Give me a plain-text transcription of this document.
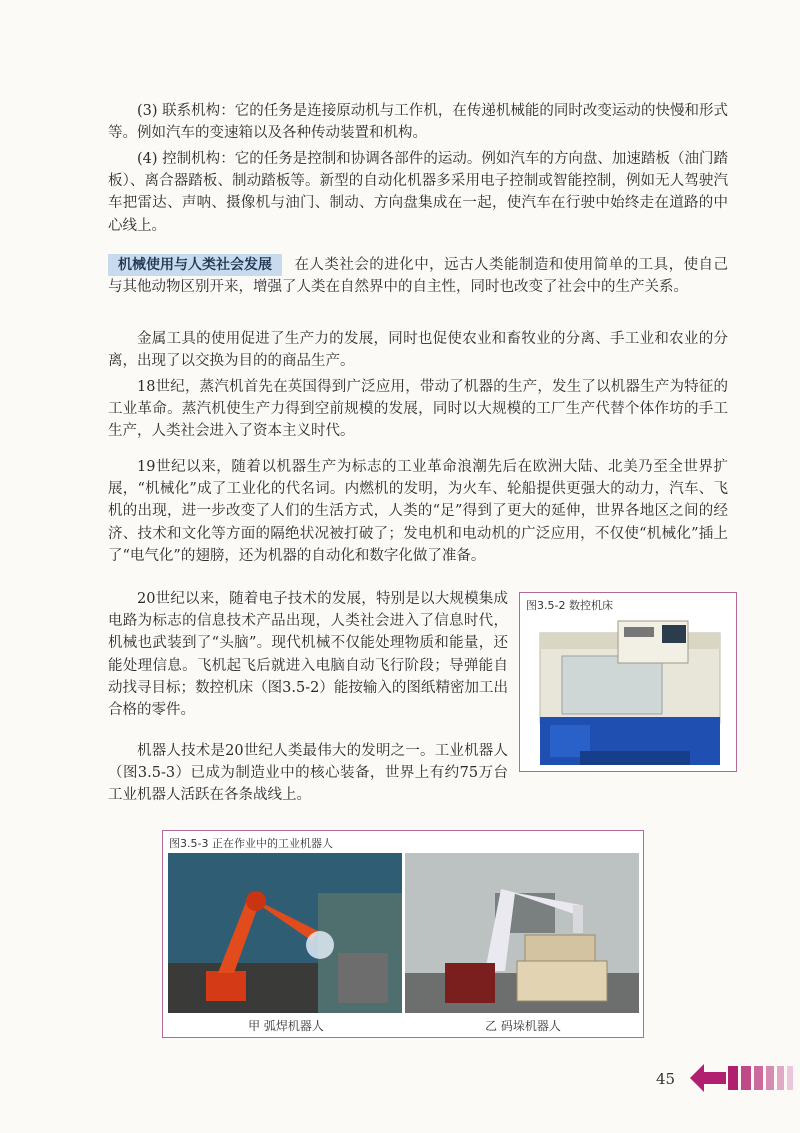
(3) 联系机构：它的任务是连接原动机与工作机，在传递机械能的同时改变运动的快慢和形式等。例如汽车的变速箱以及各种传动装置和机构。

(4) 控制机构：它的任务是控制和协调各部件的运动。例如汽车的方向盘、加速踏板（油门踏板）、离合器踏板、制动踏板等。新型的自动化机器多采用电子控制或智能控制，例如无人驾驶汽车把雷达、声呐、摄像机与油门、制动、方向盘集成在一起，使汽车在行驶中始终走在道路的中心线上。

机械使用与人类社会发展 在人类社会的进化中，远古人类能制造和使用简单的工具，使自己与其他动物区别开来，增强了人类在自然界中的自主性，同时也改变了社会中的生产关系。

金属工具的使用促进了生产力的发展，同时也促使农业和畜牧业的分离、手工业和农业的分离，出现了以交换为目的的商品生产。

18世纪，蒸汽机首先在英国得到广泛应用，带动了机器的生产，发生了以机器生产为特征的工业革命。蒸汽机使生产力得到空前规模的发展，同时以大规模的工厂生产代替个体作坊的手工生产，人类社会进入了资本主义时代。

19世纪以来，随着以机器生产为标志的工业革命浪潮先后在欧洲大陆、北美乃至全世界扩展，“机械化”成了工业化的代名词。内燃机的发明，为火车、轮船提供更强大的动力，汽车、飞机的出现，进一步改变了人们的生活方式，人类的“足”得到了更大的延伸，世界各地区之间的经济、技术和文化等方面的隔绝状况被打破了；发电机和电动机的广泛应用，不仅使“机械化”插上了“电气化”的翅膀，还为机器的自动化和数字化做了准备。

20世纪以来，随着电子技术的发展，特别是以大规模集成电路为标志的信息技术产品出现，人类社会进入了信息时代，机械也武装到了“头脑”。现代机械不仅能处理物质和能量，还能处理信息。飞机起飞后就进入电脑自动飞行阶段；导弹能自动找寻目标；数控机床（图3.5-2）能按输入的图纸精密加工出合格的零件。

机器人技术是20世纪人类最伟大的发明之一。工业机器人（图3.5-3）已成为制造业中的核心装备，世界上有约75万台工业机器人活跃在各条战线上。

图3.5-2 数控机床
图3.5-3 正在作业中的工业机器人
甲 弧焊机器人	乙 码垛机器人
45
